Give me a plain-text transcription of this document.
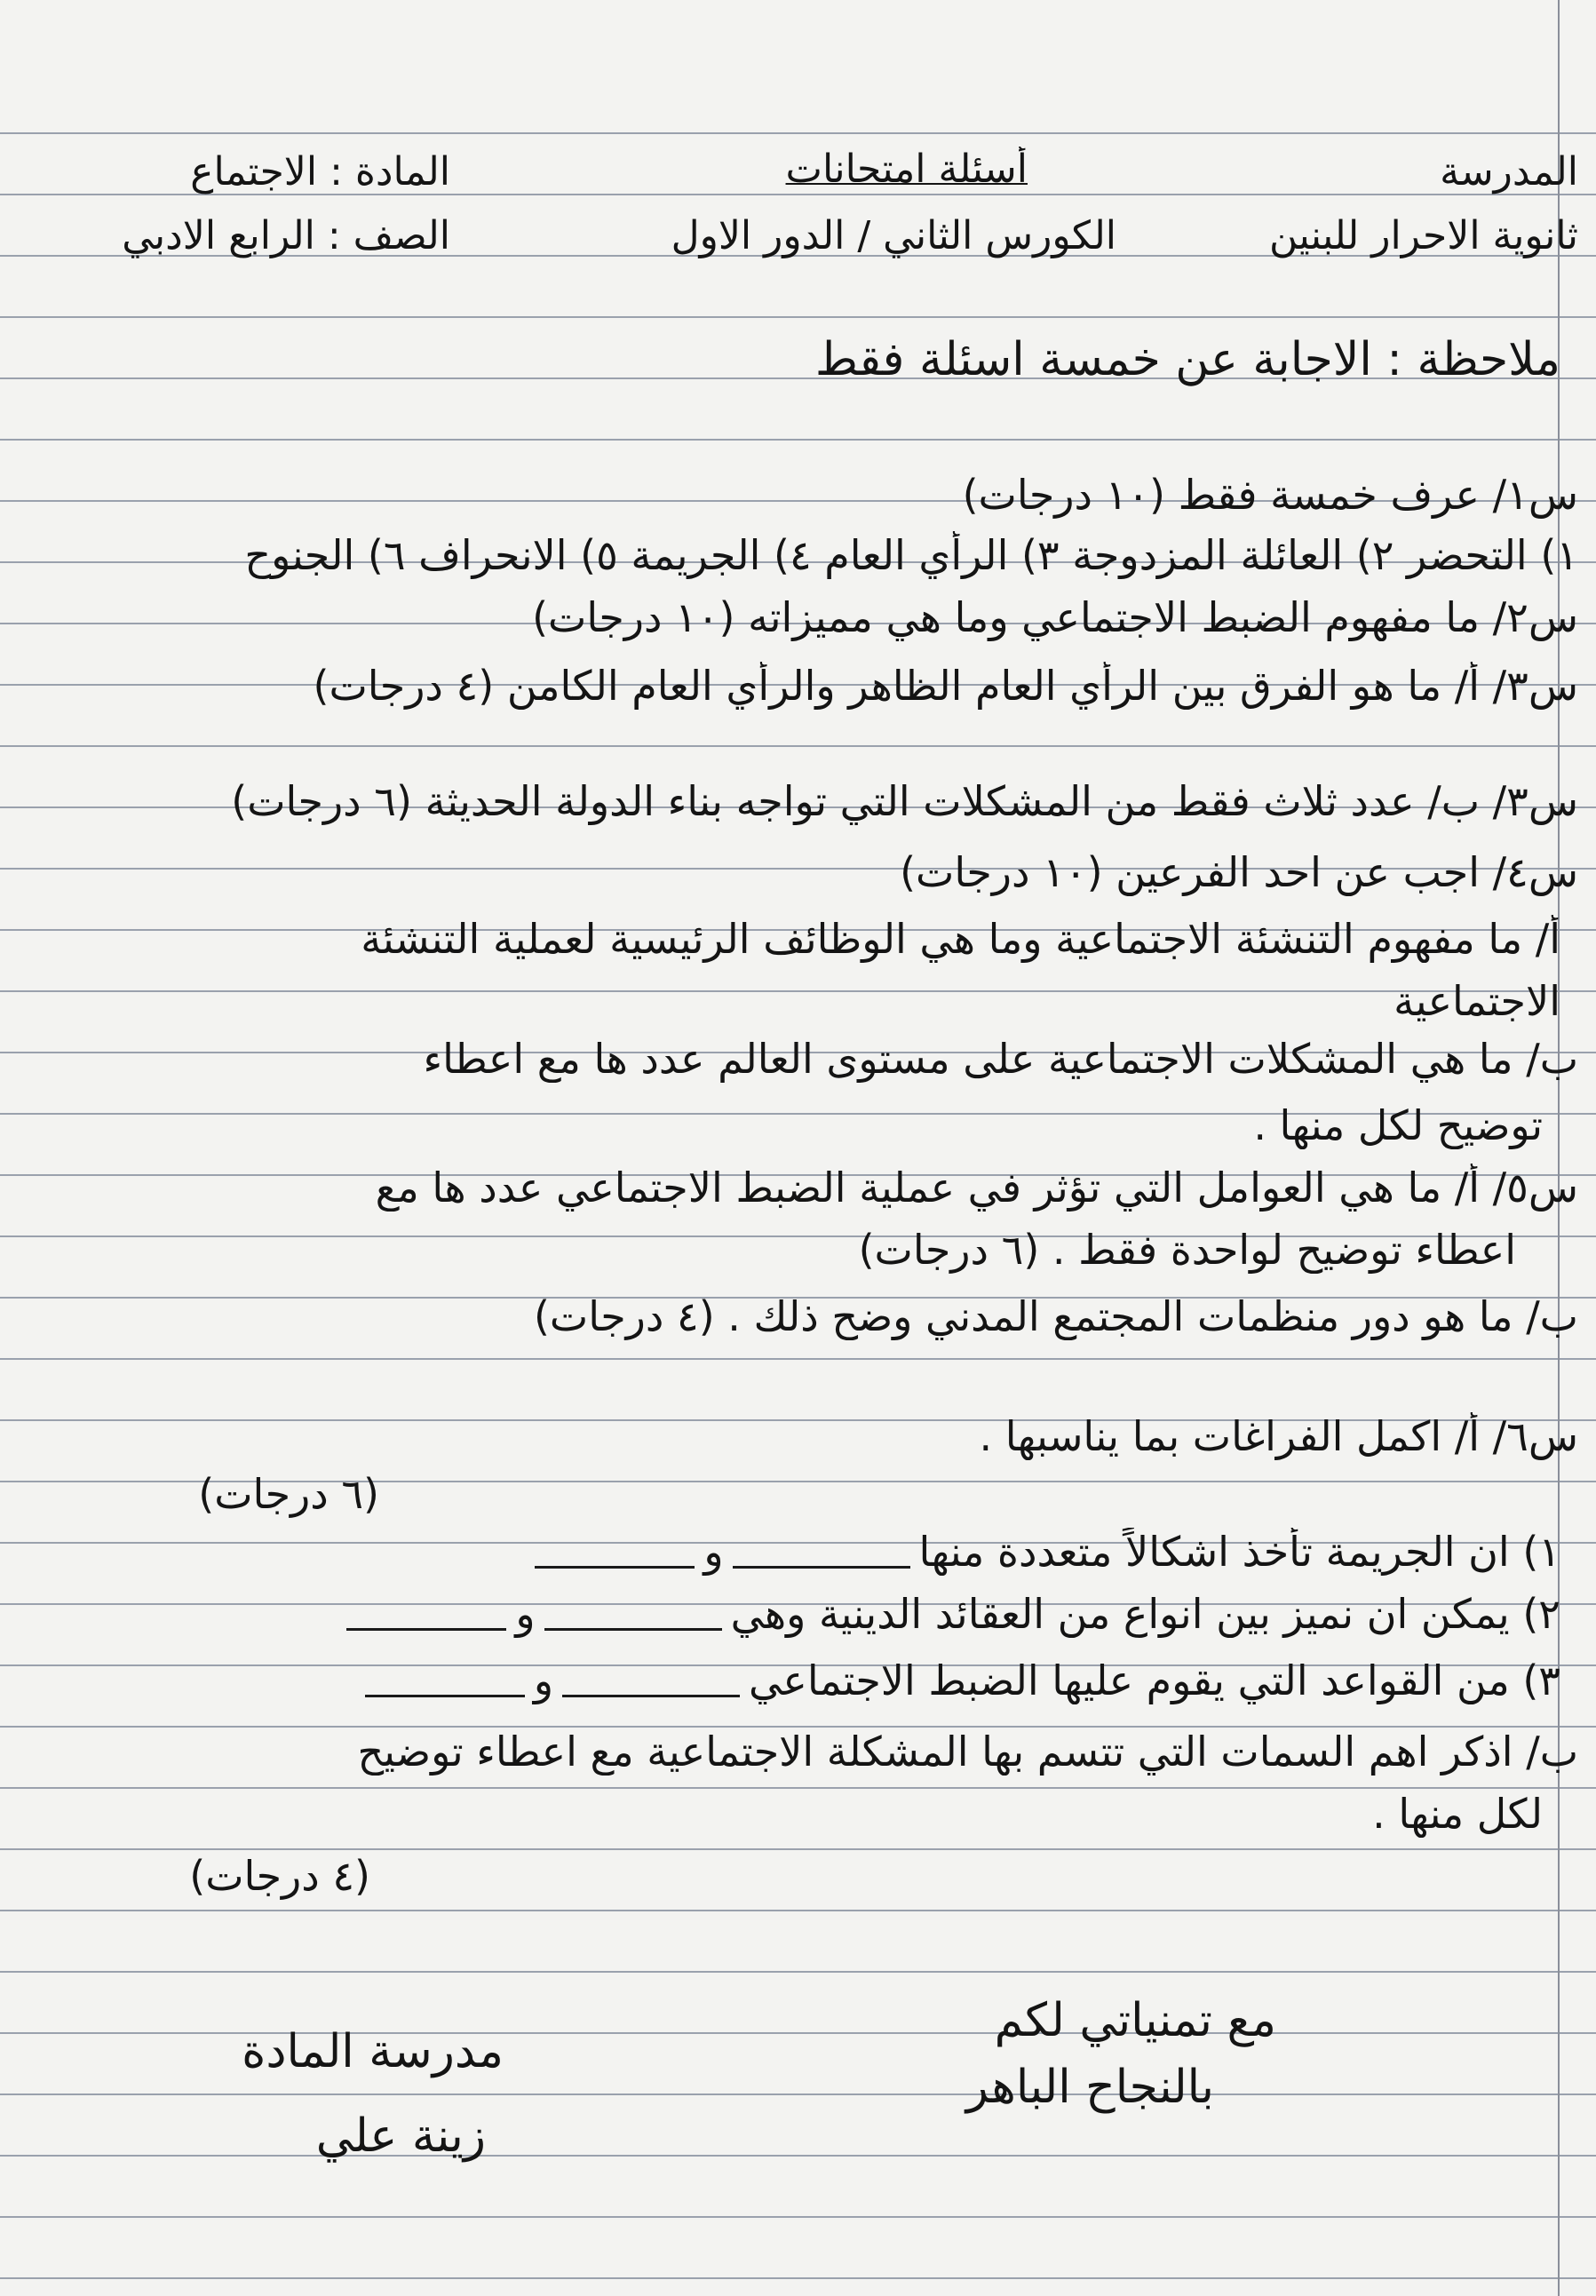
المدرسة
أسئلة امتحانات
المادة : الاجتماع
ثانوية الاحرار للبنين
الكورس الثاني / الدور الاول
الصف : الرابع الادبي
ملاحظة : الاجابة عن خمسة اسئلة فقط
س١/ عرف خمسة فقط (١٠ درجات)
١) التحضر ٢) العائلة المزدوجة ٣) الرأي العام ٤) الجريمة ٥) الانحراف ٦) الجنوح
س٢/ ما مفهوم الضبط الاجتماعي وما هي مميزاته (١٠ درجات)
س٣/ أ/ ما هو الفرق بين الرأي العام الظاهر والرأي العام الكامن (٤ درجات)
س٣/ ب/ عدد ثلاث فقط من المشكلات التي تواجه بناء الدولة الحديثة (٦ درجات)
س٤/ اجب عن احد الفرعين (١٠ درجات)
أ/ ما مفهوم التنشئة الاجتماعية وما هي الوظائف الرئيسية لعملية التنشئة
الاجتماعية
ب/ ما هي المشكلات الاجتماعية على مستوى العالم عدد ها مع اعطاء
توضيح لكل منها .
س٥/ أ/ ما هي العوامل التي تؤثر في عملية الضبط الاجتماعي عدد ها مع
اعطاء توضيح لواحدة فقط . (٦ درجات)
ب/ ما هو دور منظمات المجتمع المدني وضح ذلك . (٤ درجات)
س٦/ أ/ اكمل الفراغات بما يناسبها .
(٦ درجات)
١) ان الجريمة تأخذ اشكالاً متعددة منهاو
٢) يمكن ان نميز بين انواع من العقائد الدينية وهيو
٣) من القواعد التي يقوم عليها الضبط الاجتماعيو
ب/ اذكر اهم السمات التي تتسم بها المشكلة الاجتماعية مع اعطاء توضيح
لكل منها .
(٤ درجات)
مع تمنياتي لكم
بالنجاح الباهر
مدرسة المادة
زينة علي
